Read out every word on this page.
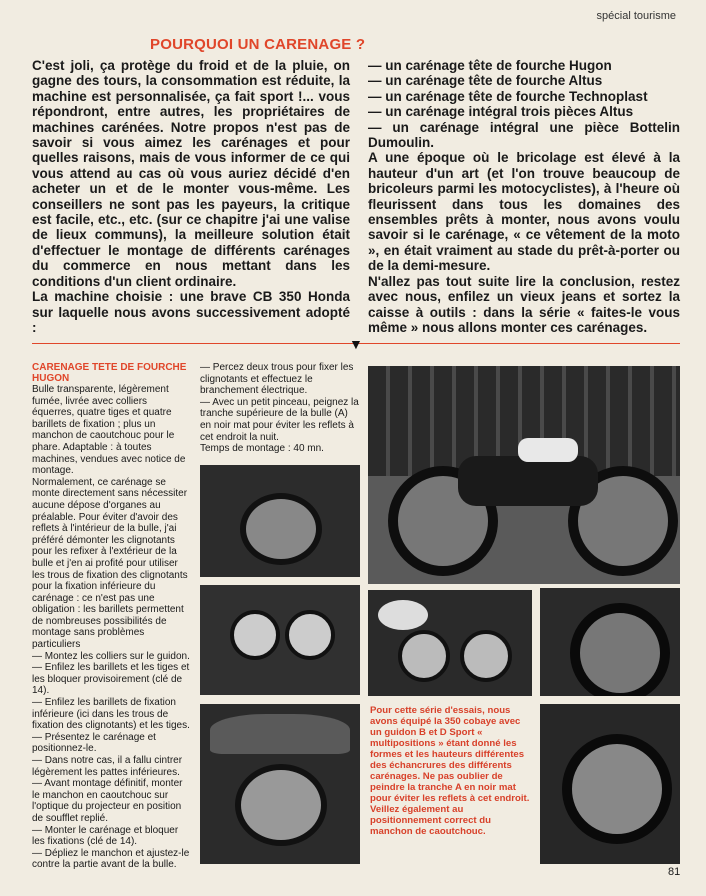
spécial tourisme
POURQUOI UN CARENAGE ?

C'est joli, ça protège du froid et de la pluie, on gagne des tours, la consommation est réduite, la machine est personnalisée, ça fait sport !... vous répondront, entre autres, les propriétaires de machines carénées. Notre propos n'est pas de savoir si vous aimez les carénages et pour quelles raisons, mais de vous informer de ce qui vous attend au cas où vous auriez décidé d'en acheter un et de le monter vous-même. Les conseillers ne sont pas les payeurs, la critique est facile, etc., etc. (sur ce chapitre j'ai une valise de lieux communs), la meilleure solution était d'effectuer le montage de différents carénages du commerce en nous mettant dans les conditions d'un client ordinaire.

La machine choisie : une brave CB 350 Honda sur laquelle nous avons successivement adopté :

— un carénage tête de fourche Hugon
— un carénage tête de fourche Altus
— un carénage tête de fourche Technoplast
— un carénage intégral trois pièces Altus
— un carénage intégral une pièce Bottelin Dumoulin.

A une époque où le bricolage est élevé à la hauteur d'un art (et l'on trouve beaucoup de bricoleurs parmi les motocyclistes), à l'heure où fleurissent dans tous les domaines des ensembles prêts à monter, nous avons voulu savoir si le carénage, « ce vêtement de la moto », en était vraiment au stade du prêt-à-porter ou de la demi-mesure.

N'allez pas tout suite lire la conclusion, restez avec nous, enfilez un vieux jeans et sortez la caisse à outils : dans la série « faites-le vous même » nous allons monter ces carénages.

▼
CARENAGE TETE DE FOURCHE HUGON

Bulle transparente, légèrement fumée, livrée avec colliers équerres, quatre tiges et quatre barillets de fixation ; plus un manchon de caoutchouc pour le phare. Adaptable : à toutes machines, vendues avec notice de montage.

Normalement, ce carénage se monte directement sans nécessiter aucune dépose d'organes au préalable. Pour éviter d'avoir des reflets à l'intérieur de la bulle, j'ai préféré démonter les clignotants pour les refixer à l'extérieur de la bulle et j'en ai profité pour utiliser les trous de fixation des clignotants pour la fixation inférieure du carénage : ce n'est pas une obligation : les barillets permettent de nombreuses possibilités de montage sans problèmes particuliers

— Montez les colliers sur le guidon.

— Enfilez les barillets et les tiges et les bloquer provisoirement (clé de 14).

— Enfilez les barillets de fixation inférieure (ici dans les trous de fixation des clignotants) et les tiges.

— Présentez le carénage et positionnez-le.

— Dans notre cas, il a fallu cintrer légèrement les pattes inférieures.

— Avant montage définitif, monter le manchon en caoutchouc sur l'optique du projecteur en position de soufflet replié.

— Monter le carénage et bloquer les fixations (clé de 14).

— Dépliez le manchon et ajustez-le contre la partie avant de la bulle.

— Percez deux trous pour fixer les clignotants et effectuez le branchement électrique.

— Avec un petit pinceau, peignez la tranche supérieure de la bulle (A) en noir mat pour éviter les reflets à cet endroit la nuit.

Temps de montage : 40 mn.

Pour cette série d'essais, nous avons équipé la 350 cobaye avec un guidon B et D Sport « multipositions » étant donné les formes et les hauteurs différentes des échancrures des différents carénages. Ne pas oublier de peindre la tranche A en noir mat pour éviter les reflets à cet endroit. Veillez également au positionnement correct du manchon de caoutchouc.
81
